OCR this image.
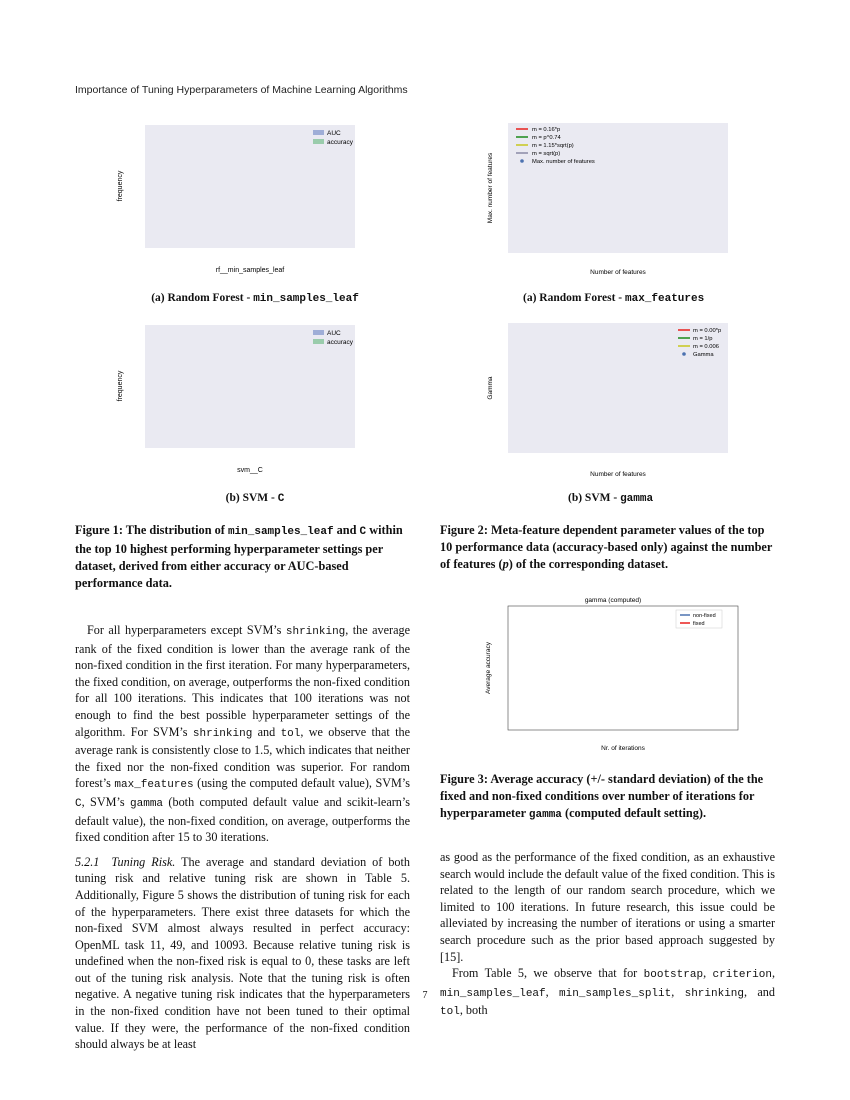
Importance of Tuning Hyperparameters of Machine Learning Algorithms
frequency
rf__min_samples_leaf
AUC
accuracy
(a) Random Forest - min_samples_leaf
frequency
svm__C
AUC
accuracy
(b) SVM - C
Max. number of features
Number of features
m = 0.16*p
m = p^0.74
m = 1.15*sqrt(p)
m = sqrt(p)
Max. number of features
(a) Random Forest - max_features
Gamma
Number of features
m = 0.00*p
m = 1/p
m = 0.006
Gamma
(b) SVM - gamma
Figure 1: The distribution of min_samples_leaf and C within the top 10 highest performing hyperparameter settings per dataset, derived from either accuracy or AUC-based performance data.
Figure 2: Meta-feature dependent parameter values of the top 10 performance data (accuracy-based only) against the number of features (p) of the corresponding dataset.
gamma (computed)
Average accuracy
Nr. of iterations
non-fixed
fixed
Figure 3: Average accuracy (+/- standard deviation) of the the fixed and non-fixed conditions over number of iterations for hyperparameter gamma (computed default setting).

For all hyperparameters except SVM’s shrinking, the average rank of the fixed condition is lower than the average rank of the non-fixed condition in the first iteration. For many hyperparameters, the fixed condition, on average, outperforms the non-fixed condition for all 100 iterations. This indicates that 100 iterations was not enough to find the best possible hyperparameter settings of the algorithm. For SVM’s shrinking and tol, we observe that the average rank is consistently close to 1.5, which indicates that neither the fixed nor the non-fixed condition was superior. For random forest’s max_features (using the computed default value), SVM’s C, SVM’s gamma (both computed default value and scikit-learn’s default value), the non-fixed condition, on average, outperforms the fixed condition after 15 to 30 iterations.

5.2.1 Tuning Risk. The average and standard deviation of both tuning risk and relative tuning risk are shown in Table 5. Additionally, Figure 5 shows the distribution of tuning risk for each of the hyperparameters. There exist three datasets for which the non-fixed SVM almost always resulted in perfect accuracy: OpenML task 11, 49, and 10093. Because relative tuning risk is undefined when the non-fixed risk is equal to 0, these tasks are left out of the tuning risk analysis. Note that the tuning risk is often negative. A negative tuning risk indicates that the hyperparameters in the non-fixed condition have not been tuned to their optimal value. If they were, the performance of the non-fixed condition should always be at least

as good as the performance of the fixed condition, as an exhaustive search would include the default value of the fixed condition. This is related to the length of our random search procedure, which we limited to 100 iterations. In future research, this issue could be alleviated by increasing the number of iterations or using a smarter search procedure such as the prior based approach suggested by [15].

From Table 5, we observe that for bootstrap, criterion, min_samples_leaf, min_samples_split, shrinking, and tol, both

7
